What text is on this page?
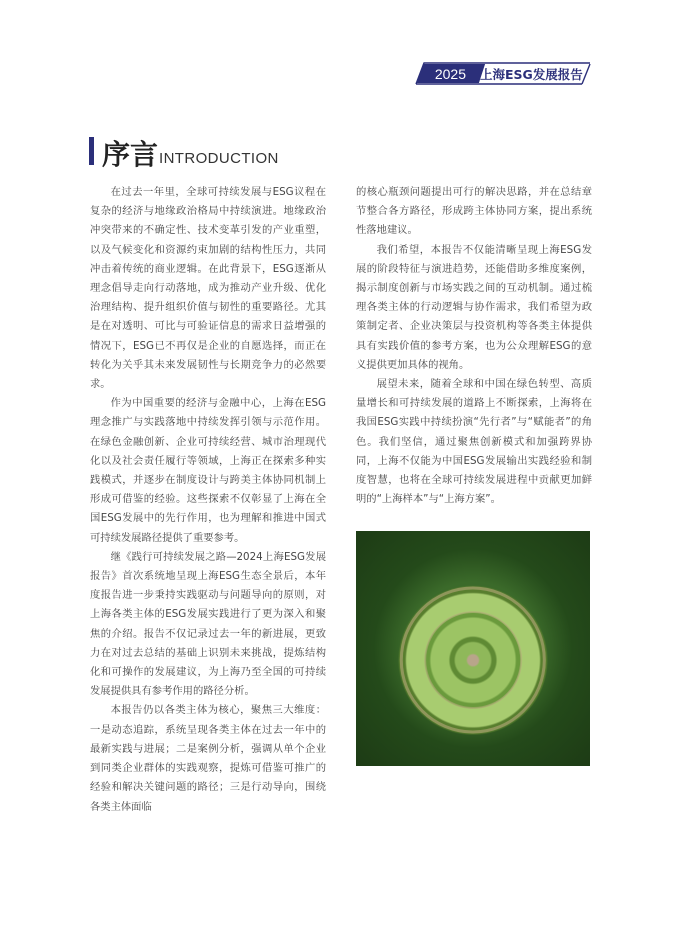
2025 上海ESG发展报告
序言 INTRODUCTION

在过去一年里，全球可持续发展与ESG议程在复杂的经济与地缘政治格局中持续演进。地缘政治冲突带来的不确定性、技术变革引发的产业重塑，以及气候变化和资源约束加剧的结构性压力，共同冲击着传统的商业逻辑。在此背景下，ESG逐渐从理念倡导走向行动落地，成为推动产业升级、优化治理结构、提升组织价值与韧性的重要路径。尤其是在对透明、可比与可验证信息的需求日益增强的情况下，ESG已不再仅是企业的自愿选择，而正在转化为关乎其未来发展韧性与长期竞争力的必然要求。

作为中国重要的经济与金融中心，上海在ESG理念推广与实践落地中持续发挥引领与示范作用。在绿色金融创新、企业可持续经营、城市治理现代化以及社会责任履行等领域，上海正在探索多种实践模式，并逐步在制度设计与跨美主体协同机制上形成可借鉴的经验。这些探索不仅彰显了上海在全国ESG发展中的先行作用，也为理解和推进中国式可持续发展路径提供了重要参考。

继《践行可持续发展之路—2024上海ESG发展报告》首次系统地呈现上海ESG生态全景后，本年度报告进一步秉持实践驱动与问题导向的原则，对上海各类主体的ESG发展实践进行了更为深入和聚焦的介绍。报告不仅记录过去一年的新进展，更致力在对过去总结的基础上识别未来挑战，提炼结构化和可操作的发展建议，为上海乃至全国的可持续发展提供具有参考作用的路径分析。

本报告仍以各类主体为核心，聚焦三大维度：一是动态追踪，系统呈现各类主体在过去一年中的最新实践与进展；二是案例分析，强调从单个企业到同类企业群体的实践观察，提炼可借鉴可推广的经验和解决关键问题的路径；三是行动导向，围绕各类主体面临

的核心瓶颈问题提出可行的解决思路，并在总结章节整合各方路径，形成跨主体协同方案，提出系统性落地建议。

我们希望，本报告不仅能清晰呈现上海ESG发展的阶段特征与演进趋势，还能借助多维度案例，揭示制度创新与市场实践之间的互动机制。通过梳理各类主体的行动逻辑与协作需求，我们希望为政策制定者、企业决策层与投资机构等各类主体提供具有实践价值的参考方案，也为公众理解ESG的意义提供更加具体的视角。

展望未来，随着全球和中国在绿色转型、高质量增长和可持续发展的道路上不断探索，上海将在我国ESG实践中持续扮演“先行者”与“赋能者”的角色。我们坚信，通过聚焦创新模式和加强跨界协同，上海不仅能为中国ESG发展输出实践经验和制度智慧，也将在全球可持续发展进程中贡献更加鲜明的“上海样本”与“上海方案”。
